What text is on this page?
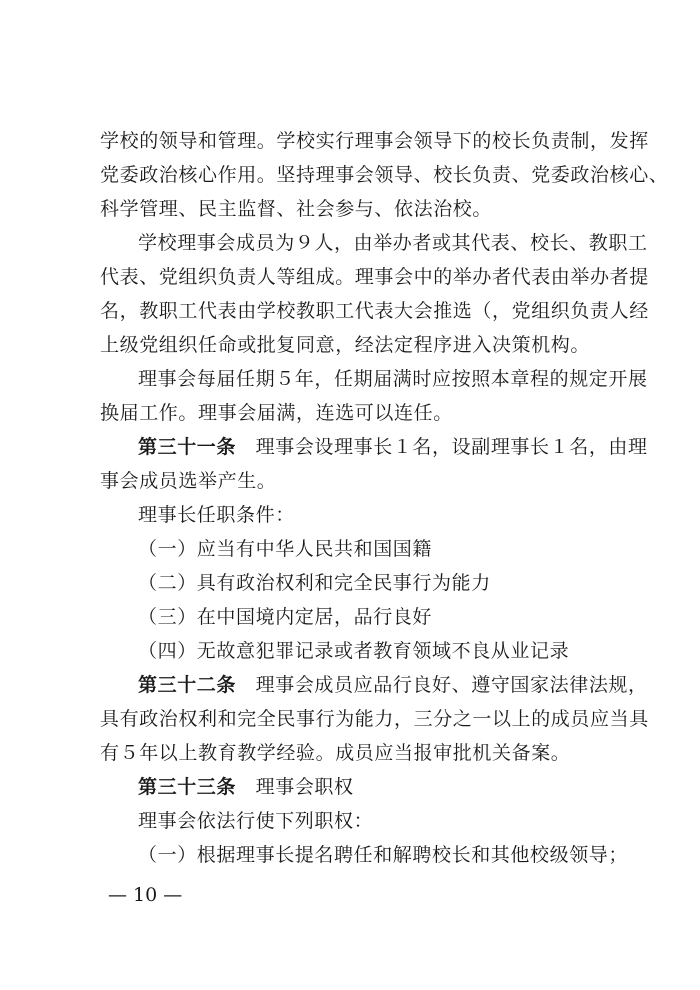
学校的领导和管理。学校实行理事会领导下的校长负责制，发挥
党委政治核心作用。坚持理事会领导、校长负责、党委政治核心、
科学管理、民主监督、社会参与、依法治校。
学校理事会成员为９人，由举办者或其代表、校长、教职工
代表、党组织负责人等组成。理事会中的举办者代表由举办者提
名，教职工代表由学校教职工代表大会推选（，党组织负责人经
上级党组织任命或批复同意，经法定程序进入决策机构。
理事会每届任期５年，任期届满时应按照本章程的规定开展
换届工作。理事会届满，连选可以连任。
第三十一条　理事会设理事长１名，设副理事长１名，由理
事会成员选举产生。
理事长任职条件：
（一）应当有中华人民共和国国籍
（二）具有政治权利和完全民事行为能力
（三）在中国境内定居，品行良好
（四）无故意犯罪记录或者教育领域不良从业记录
第三十二条　理事会成员应品行良好、遵守国家法律法规，
具有政治权利和完全民事行为能力，三分之一以上的成员应当具
有５年以上教育教学经验。成员应当报审批机关备案。
第三十三条　理事会职权
理事会依法行使下列职权：
（一）根据理事长提名聘任和解聘校长和其他校级领导；
— 10 —
